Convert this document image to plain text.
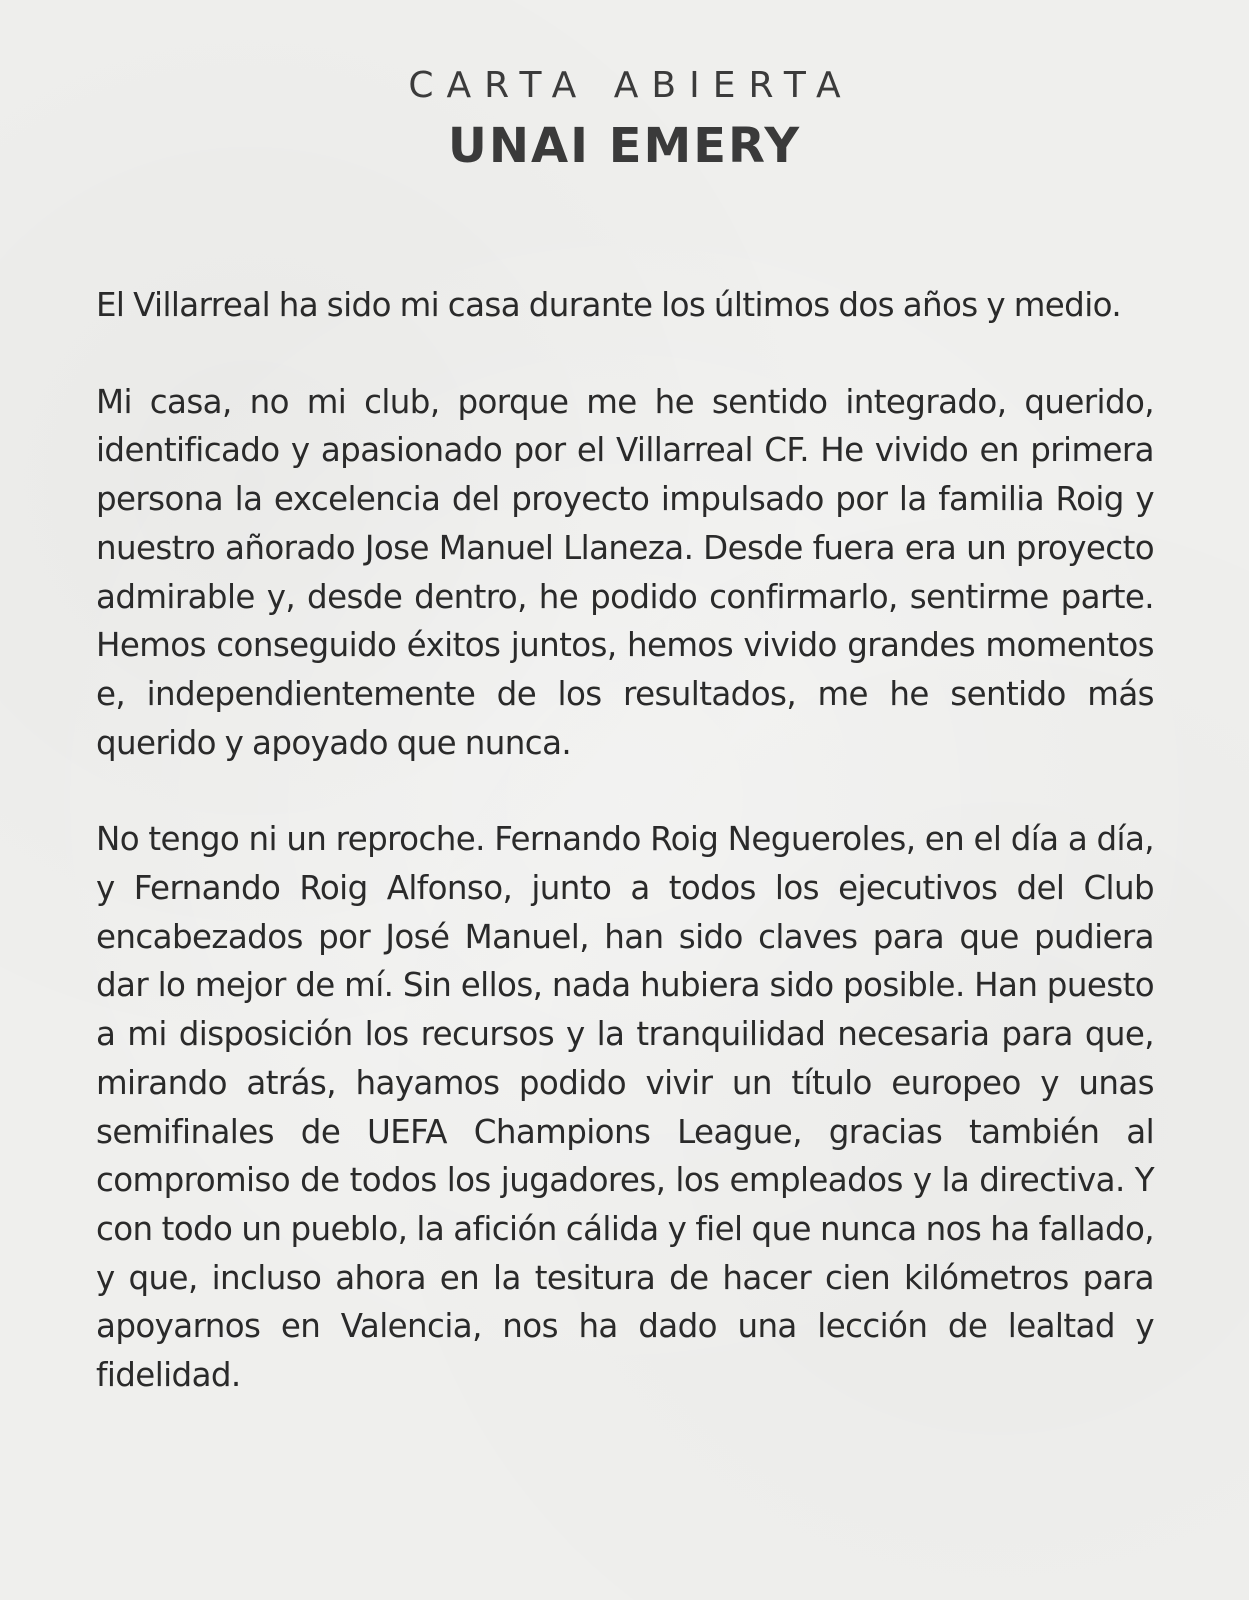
CARTA ABIERTA
UNAI EMERY

El Villarreal ha sido mi casa durante los últimos dos años y medio.

Mi casa, no mi club, porque me he sentido integrado, querido, identificado y apasionado por el Villarreal CF. He vivido en primera persona la excelencia del proyecto impulsado por la familia Roig y nuestro añorado Jose Manuel Llaneza. Desde fuera era un proyecto admirable y, desde dentro, he podido confirmarlo, sentirme parte. Hemos conseguido éxitos juntos, hemos vivido grandes momentos e, independientemente de los resultados, me he sentido más querido y apoyado que nunca.

No tengo ni un reproche. Fernando Roig Negueroles, en el día a día, y Fernando Roig Alfonso, junto a todos los ejecutivos del Club encabezados por José Manuel, han sido claves para que pudiera dar lo mejor de mí. Sin ellos, nada hubiera sido posible. Han puesto a mi disposición los recursos y la tranquilidad necesaria para que, mirando atrás, hayamos podido vivir un título europeo y unas semifinales de UEFA Champions League, gracias también al compromiso de todos los jugadores, los empleados y la directiva. Y con todo un pueblo, la afición cálida y fiel que nunca nos ha fallado, y que, incluso ahora en la tesitura de hacer cien kilómetros para apoyarnos en Valencia, nos ha dado una lección de lealtad y fidelidad.
